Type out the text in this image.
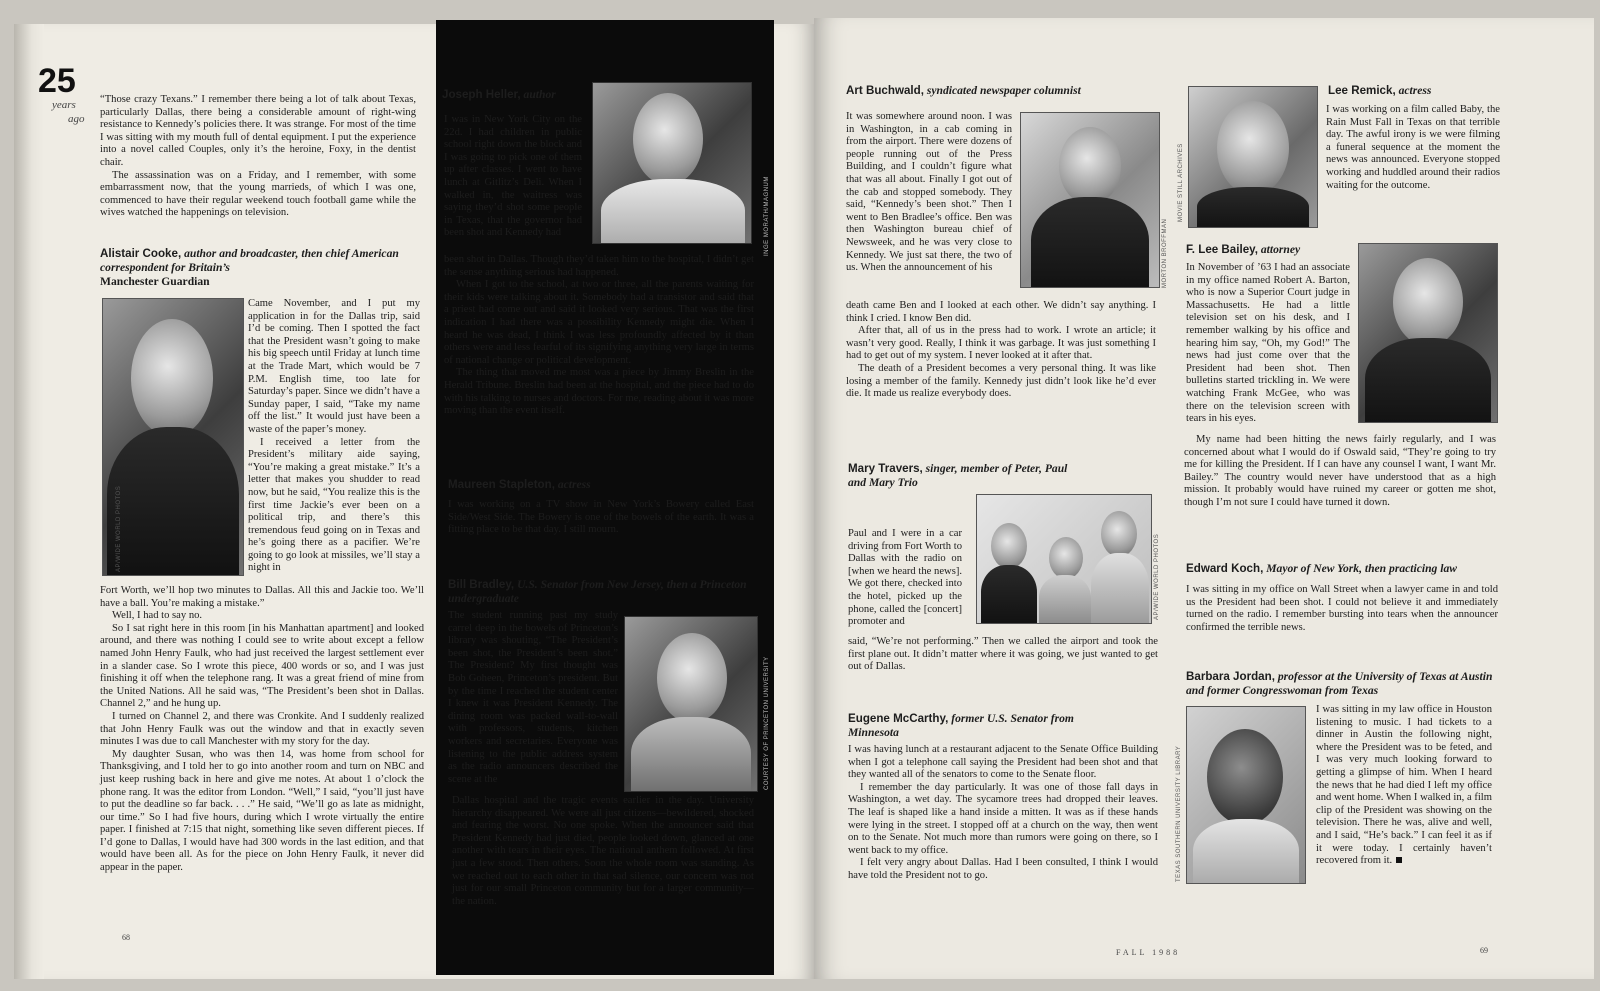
25
years
ago

“Those crazy Texans.” I remember there being a lot of talk about Texas, particularly Dallas, there being a considerable amount of right-wing resistance to Kennedy’s policies there. It was strange. For most of the time I was sitting with my mouth full of dental equipment. I put the experience into a novel called Couples, only it’s the heroine, Foxy, in the dentist chair.

The assassination was on a Friday, and I remember, with some embarrassment now, that the young marrieds, of which I was one, commenced to have their regular weekend touch football game while the wives watched the happenings on television.

Alistair Cooke, author and broadcaster, then chief American correspondent for Britain’s
Manchester Guardian
AP/WIDE WORLD PHOTOS

Came November, and I put my application in for the Dallas trip, said I’d be coming. Then I spotted the fact that the President wasn’t going to make his big speech until Friday at lunch time at the Trade Mart, which would be 7 P.M. English time, too late for Saturday’s paper. Since we didn’t have a Sunday paper, I said, “Take my name off the list.” It would just have been a waste of the paper’s money.

I received a letter from the President’s military aide saying, “You’re making a great mistake.” It’s a letter that makes you shudder to read now, but he said, “You realize this is the first time Jackie’s ever been on a political trip, and there’s this tremendous feud going on in Texas and he’s going there as a pacifier. We’re going to go look at missiles, we’ll stay a night in

Fort Worth, we’ll hop two minutes to Dallas. All this and Jackie too. We’ll have a ball. You’re making a mistake.”

Well, I had to say no.

So I sat right here in this room [in his Manhattan apartment] and looked around, and there was nothing I could see to write about except a fellow named John Henry Faulk, who had just received the largest settlement ever in a slander case. So I wrote this piece, 400 words or so, and I was just finishing it off when the telephone rang. It was a great friend of mine from the United Nations. All he said was, “The President’s been shot in Dallas. Channel 2,” and he hung up.

I turned on Channel 2, and there was Cronkite. And I suddenly realized that John Henry Faulk was out the window and that in exactly seven minutes I was due to call Manchester with my story for the day.

My daughter Susan, who was then 14, was home from school for Thanksgiving, and I told her to go into another room and turn on NBC and just keep rushing back in here and give me notes. At about 1 o’clock the phone rang. It was the editor from London. “Well,” I said, “you’ll just have to put the deadline so far back. . . .” He said, “We’ll go as late as midnight, our time.” So I had five hours, during which I wrote virtually the entire paper. I finished at 7:15 that night, something like seven different pieces. If I’d gone to Dallas, I would have had 300 words in the last edition, and that would have been all. As for the piece on John Henry Faulk, it never did appear in the paper.

68
Joseph Heller, author
INGE MORATH/MAGNUM

I was in New York City on the 22d. I had children in public school right down the block and I was going to pick one of them up after classes. I went to have lunch at Gitlitz’s Deli. When I walked in, the waitress was saying they’d shot some people in Texas, that the governor had been shot and Kennedy had

been shot in Dallas. Though they’d taken him to the hospital, I didn’t get the sense anything serious had happened.

When I got to the school, at two or three, all the parents waiting for their kids were talking about it. Somebody had a transistor and said that a priest had come out and said it looked very serious. That was the first indication I had there was a possibility Kennedy might die. When I heard he was dead, I think I was less profoundly affected by it than others were and less fearful of its signifying anything very large in terms of national change or political development.

The thing that moved me most was a piece by Jimmy Breslin in the Herald Tribune. Breslin had been at the hospital, and the piece had to do with his talking to nurses and doctors. For me, reading about it was more moving than the event itself.

Maureen Stapleton, actress

I was working on a TV show in New York’s Bowery called East Side/West Side. The Bowery is one of the bowels of the earth. It was a fitting place to be that day. I still mourn.

Bill Bradley, U.S. Senator from New Jersey, then a Princeton undergraduate
COURTESY OF PRINCETON UNIVERSITY

The student running past my study carrel deep in the bowels of Princeton’s library was shouting, “The President’s been shot, the President’s been shot.” The President? My first thought was Bob Goheen, Princeton’s president. But by the time I reached the student center I knew it was President Kennedy. The dining room was packed wall-to-wall with professors, students, kitchen workers and secretaries. Everyone was listening to the public address system as the radio announcers described the scene at the

Dallas hospital and the tragic events earlier in the day. University hierarchy disappeared. We were all just citizens—bewildered, shocked and fearing the worst. No one spoke. When the announcer said that President Kennedy had just died, people looked down, glanced at one another with tears in their eyes. The national anthem followed. At first just a few stood. Then others. Soon the whole room was standing. As we reached out to each other in that sad silence, our concern was not just for our small Princeton community but for a larger community—the nation.

Art Buchwald, syndicated newspaper columnist
MORTON BROFFMAN

It was somewhere around noon. I was in Washington, in a cab coming in from the airport. There were dozens of people running out of the Press Building, and I couldn’t figure what that was all about. Finally I got out of the cab and stopped somebody. They said, “Kennedy’s been shot.” Then I went to Ben Bradlee’s office. Ben was then Washington bureau chief of Newsweek, and he was very close to Kennedy. We just sat there, the two of us. When the announcement of his

death came Ben and I looked at each other. We didn’t say anything. I think I cried. I know Ben did.

After that, all of us in the press had to work. I wrote an article; it wasn’t very good. Really, I think it was garbage. It was just something I had to get out of my system. I never looked at it after that.

The death of a President becomes a very personal thing. It was like losing a member of the family. Kennedy just didn’t look like he’d ever die. It made us realize everybody does.

Mary Travers, singer, member of Peter, Paul and Mary Trio
AP/WIDE WORLD PHOTOS

Paul and I were in a car driving from Fort Worth to Dallas with the radio on [when we heard the news]. We got there, checked into the hotel, picked up the phone, called the [concert] promoter and

said, “We’re not performing.” Then we called the airport and took the first plane out. It didn’t matter where it was going, we just wanted to get out of Dallas.

Eugene McCarthy, former U.S. Senator from Minnesota

I was having lunch at a restaurant adjacent to the Senate Office Building when I got a telephone call saying the President had been shot and that they wanted all of the senators to come to the Senate floor.

I remember the day particularly. It was one of those fall days in Washington, a wet day. The sycamore trees had dropped their leaves. The leaf is shaped like a hand inside a mitten. It was as if these hands were lying in the street. I stopped off at a church on the way, then went on to the Senate. Not much more than rumors were going on there, so I went back to my office.

I felt very angry about Dallas. Had I been consulted, I think I would have told the President not to go.

MOVIE STILL ARCHIVES
Lee Remick, actress

I was working on a film called Baby, the Rain Must Fall in Texas on that terrible day. The awful irony is we were filming a funeral sequence at the moment the news was announced. Everyone stopped working and huddled around their radios waiting for the outcome.

F. Lee Bailey, attorney

In November of ’63 I had an associate in my office named Robert A. Barton, who is now a Superior Court judge in Massachusetts. He had a little television set on his desk, and I remember walking by his office and hearing him say, “Oh, my God!” The news had just come over that the President had been shot. Then bulletins started trickling in. We were watching Frank McGee, who was there on the television screen with tears in his eyes.

My name had been hitting the news fairly regularly, and I was concerned about what I would do if Oswald said, “They’re going to try me for killing the President. If I can have any counsel I want, I want Mr. Bailey.” The country would never have understood that as a high mission. It probably would have ruined my career or gotten me shot, though I’m not sure I could have turned it down.

Edward Koch, Mayor of New York, then practicing law

I was sitting in my office on Wall Street when a lawyer came in and told us the President had been shot. I could not believe it and immediately turned on the radio. I remember bursting into tears when the announcer confirmed the terrible news.

Barbara Jordan, professor at the University of Texas at Austin and former Congresswoman from Texas
TEXAS SOUTHERN UNIVERSITY LIBRARY

I was sitting in my law office in Houston listening to music. I had tickets to a dinner in Austin the following night, where the President was to be feted, and I was very much looking forward to getting a glimpse of him. When I heard the news that he had died I left my office and went home. When I walked in, a film clip of the President was showing on the television. There he was, alive and well, and I said, “He’s back.” I can feel it as if it were today. I certainly haven’t recovered from it.

FALL 1988	69
